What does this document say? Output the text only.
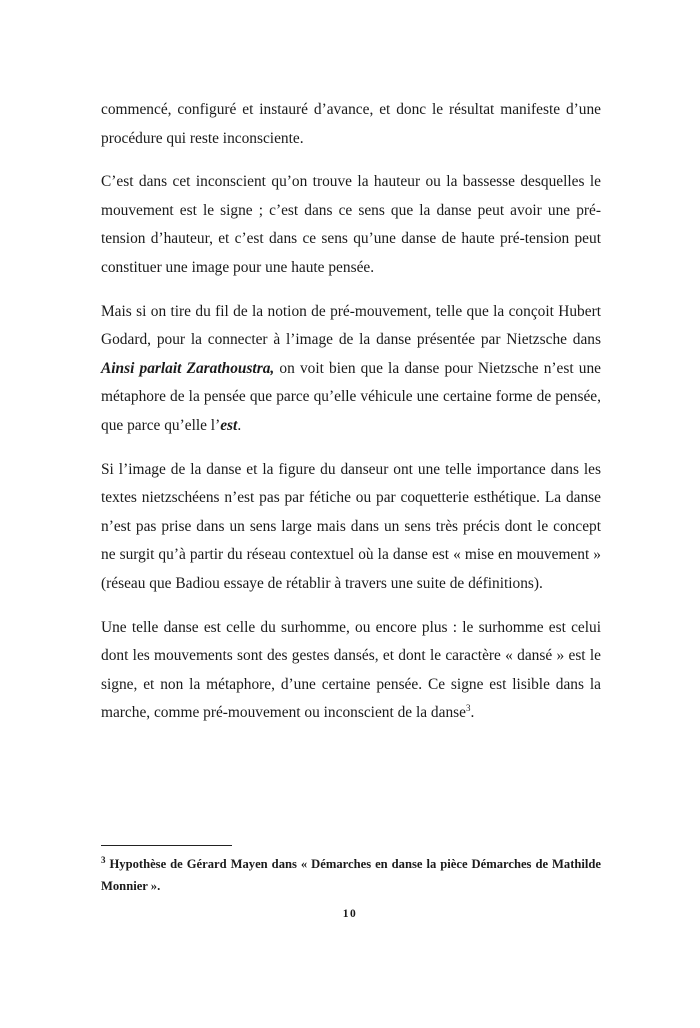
commencé, configuré et instauré d’avance, et donc le résultat manifeste d’une procédure qui reste inconsciente.

C’est dans cet inconscient qu’on trouve la hauteur ou la bassesse desquelles le mouvement est le signe ; c’est dans ce sens que la danse peut avoir une pré-tension d’hauteur, et c’est dans ce sens qu’une danse de haute pré-tension peut constituer une image pour une haute pensée.

Mais si on tire du fil de la notion de pré-mouvement, telle que la conçoit Hubert Godard, pour la connecter à l’image de la danse présentée par Nietzsche dans Ainsi parlait Zarathoustra, on voit bien que la danse pour Nietzsche n’est une métaphore de la pensée que parce qu’elle véhicule une certaine forme de pensée, que parce qu’elle l’est.

Si l’image de la danse et la figure du danseur ont une telle importance dans les textes nietzschéens n’est pas par fétiche ou par coquetterie esthétique. La danse n’est pas prise dans un sens large mais dans un sens très précis dont le concept ne surgit qu’à partir du réseau contextuel où la danse est « mise en mouvement » (réseau que Badiou essaye de rétablir à travers une suite de définitions).

Une telle danse est celle du surhomme, ou encore plus : le surhomme est celui dont les mouvements sont des gestes dansés, et dont le caractère « dansé » est le signe, et non la métaphore, d’une certaine pensée. Ce signe est lisible dans la marche, comme pré-mouvement ou inconscient de la danse$^3$.

$^3$ Hypothèse de Gérard Mayen dans « Démarches en danse la pièce Démarches de Mathilde Monnier ».
10
